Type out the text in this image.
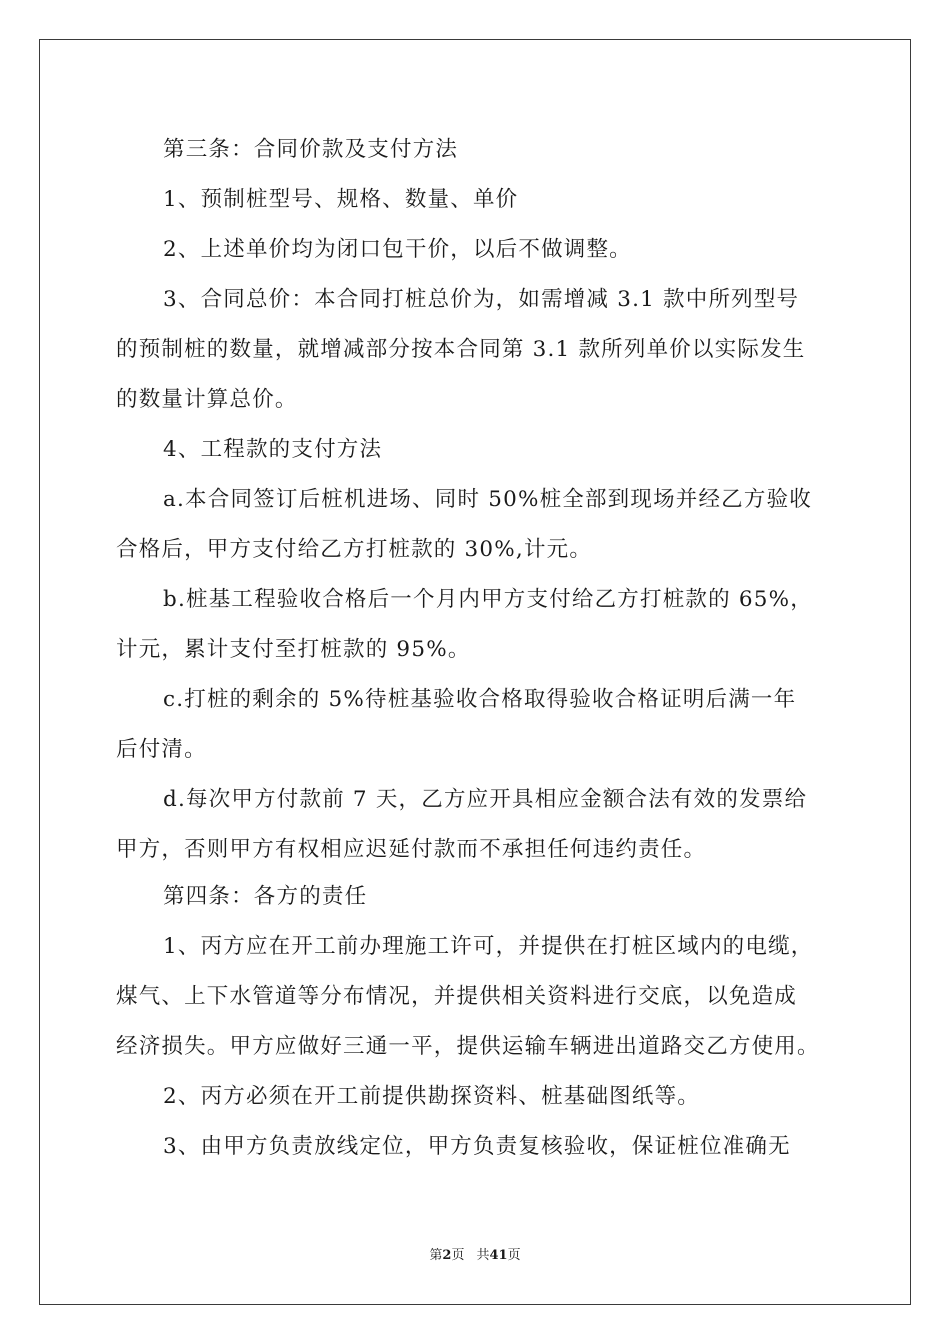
第三条：合同价款及支付方法
1、预制桩型号、规格、数量、单价
2、上述单价均为闭口包干价，以后不做调整。
3、合同总价：本合同打桩总价为，如需增减 3.1 款中所列型号
的预制桩的数量，就增减部分按本合同第 3.1 款所列单价以实际发生
的数量计算总价。
4、工程款的支付方法
a.本合同签订后桩机进场、同时 50%桩全部到现场并经乙方验收
合格后，甲方支付给乙方打桩款的 30%,计元。
b.桩基工程验收合格后一个月内甲方支付给乙方打桩款的 65%，
计元，累计支付至打桩款的 95%。
c.打桩的剩余的 5%待桩基验收合格取得验收合格证明后满一年
后付清。
d.每次甲方付款前 7 天，乙方应开具相应金额合法有效的发票给
甲方，否则甲方有权相应迟延付款而不承担任何违约责任。
第四条：各方的责任
1、丙方应在开工前办理施工许可，并提供在打桩区域内的电缆，
煤气、上下水管道等分布情况，并提供相关资料进行交底，以免造成
经济损失。甲方应做好三通一平，提供运输车辆进出道路交乙方使用。
2、丙方必须在开工前提供勘探资料、桩基础图纸等。
3、由甲方负责放线定位，甲方负责复核验收，保证桩位准确无
第2页 共41页
